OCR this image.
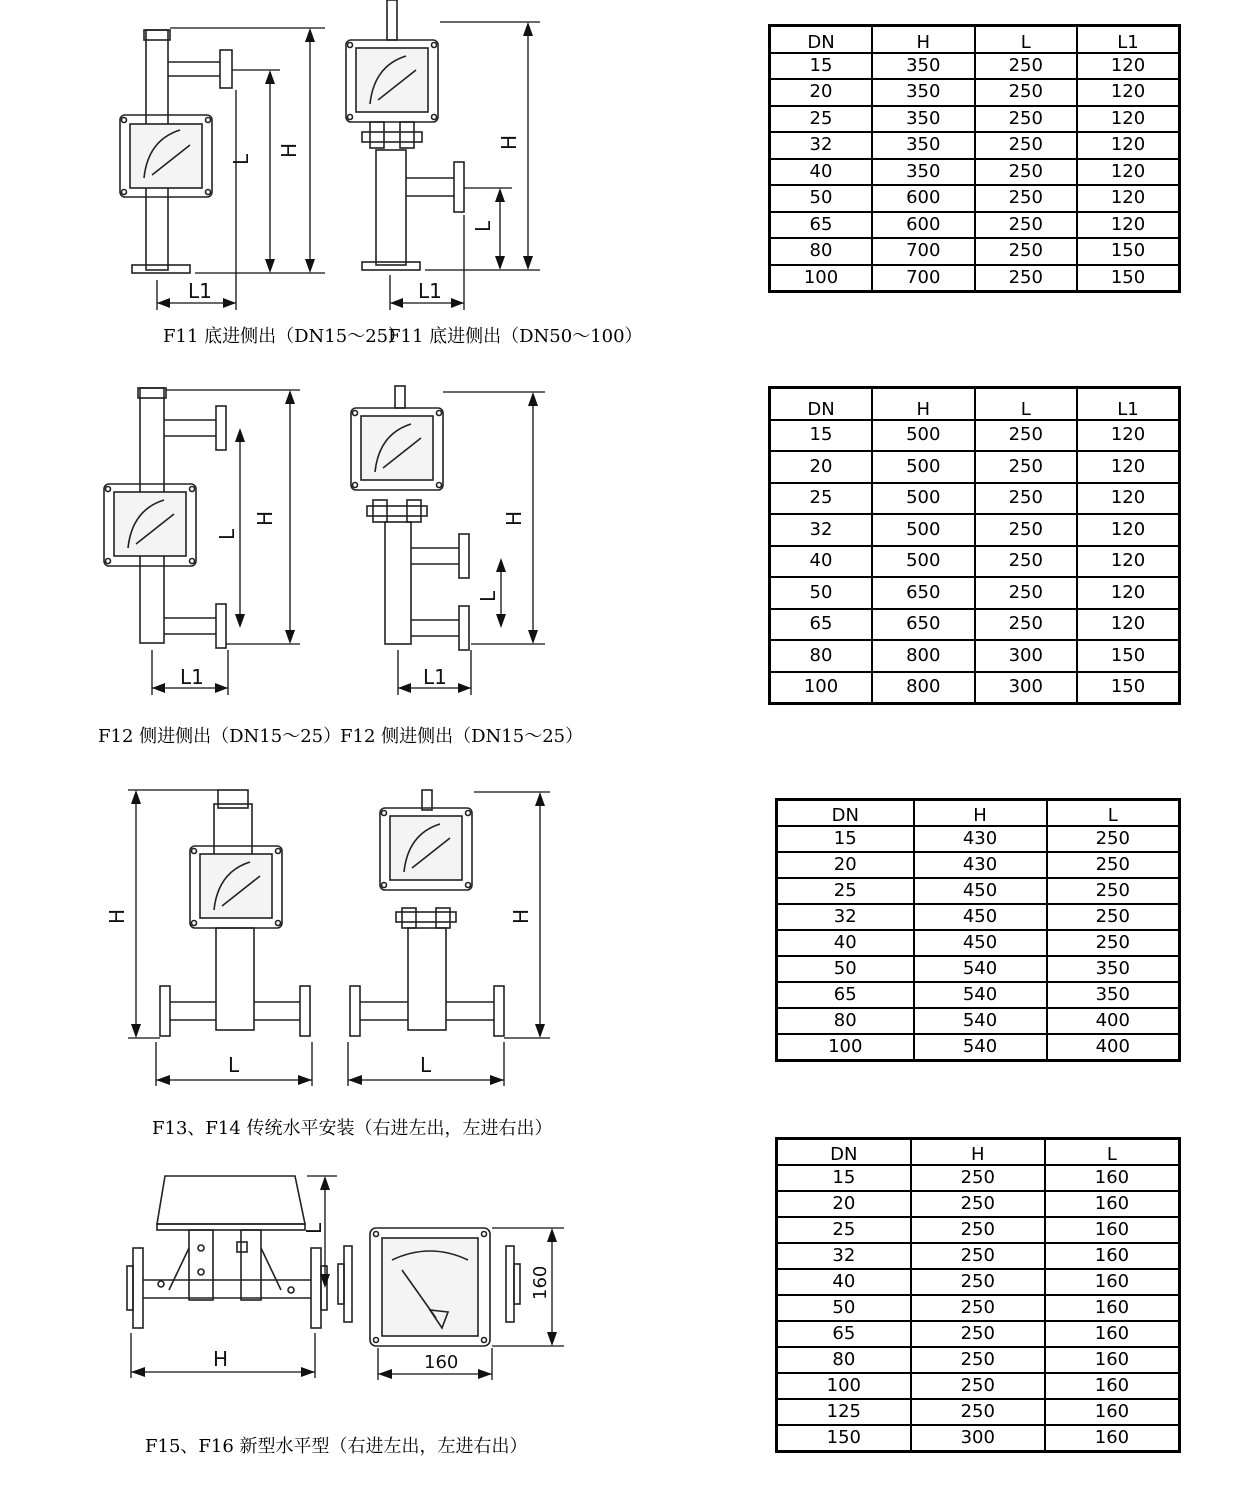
L1
L
H
L1
L
H
F11 底进侧出（DN15～25）
F11 底进侧出（DN50～100）
DN	H	L	L1
15	350	250	120
20	350	250	120
25	350	250	120
32	350	250	120
40	350	250	120
50	600	250	120
65	600	250	120
80	700	250	150
100	700	250	150
L1
L
H
L1
L
H
F12 侧进侧出（DN15～25）
F12 侧进侧出（DN15～25）
DN	H	L	L1
15	500	250	120
20	500	250	120
25	500	250	120
32	500	250	120
40	500	250	120
50	650	250	120
65	650	250	120
80	800	300	150
100	800	300	150
L
H
L
H
F13、F14 传统水平安装（右进左出，左进右出）
DN	H	L
15	430	250
20	430	250
25	450	250
32	450	250
40	450	250
50	540	350
65	540	350
80	540	400
100	540	400
H
L
160
160
F15、F16 新型水平型（右进左出，左进右出）
DN	H	L
15	250	160
20	250	160
25	250	160
32	250	160
40	250	160
50	250	160
65	250	160
80	250	160
100	250	160
125	250	160
150	300	160
